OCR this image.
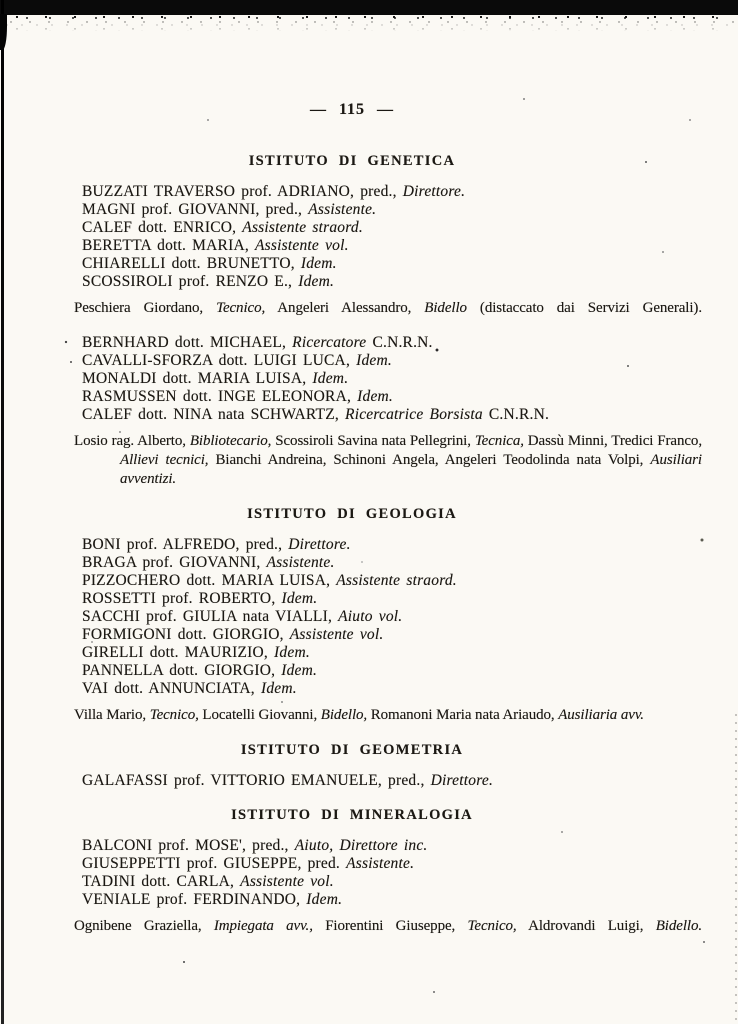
— 115 —
ISTITUTO DI GENETICA
BUZZATI TRAVERSO prof. ADRIANO, pred., Direttore.
MAGNI prof. GIOVANNI, pred., Assistente.
CALEF dott. ENRICO, Assistente straord.
BERETTA dott. MARIA, Assistente vol.
CHIARELLI dott. BRUNETTO, Idem.
SCOSSIROLI prof. RENZO E., Idem.

Peschiera Giordano, Tecnico, Angeleri Alessandro, Bidello (distaccato dai Servizi Generali).

BERNHARD dott. MICHAEL, Ricercatore C.N.R.N.
CAVALLI-SFORZA dott. LUIGI LUCA, Idem.
MONALDI dott. MARIA LUISA, Idem.
RASMUSSEN dott. INGE ELEONORA, Idem.
CALEF dott. NINA nata SCHWARTZ, Ricercatrice Borsista C.N.R.N.

Losio rag. Alberto, Bibliotecario, Scossiroli Savina nata Pellegrini, Tecnica, Dassù Minni, Tredici Franco, Allievi tecnici, Bianchi Andreina, Schinoni Angela, Angeleri Teodolinda nata Volpi, Ausiliari avventizi.

ISTITUTO DI GEOLOGIA
BONI prof. ALFREDO, pred., Direttore.
BRAGA prof. GIOVANNI, Assistente.
PIZZOCHERO dott. MARIA LUISA, Assistente straord.
ROSSETTI prof. ROBERTO, Idem.
SACCHI prof. GIULIA nata VIALLI, Aiuto vol.
FORMIGONI dott. GIORGIO, Assistente vol.
GIRELLI dott. MAURIZIO, Idem.
PANNELLA dott. GIORGIO, Idem.
VAI dott. ANNUNCIATA, Idem.

Villa Mario, Tecnico, Locatelli Giovanni, Bidello, Romanoni Maria nata Ariaudo, Ausiliaria avv.

ISTITUTO DI GEOMETRIA
GALAFASSI prof. VITTORIO EMANUELE, pred., Direttore.
ISTITUTO DI MINERALOGIA
BALCONI prof. MOSE', pred., Aiuto, Direttore inc.
GIUSEPPETTI prof. GIUSEPPE, pred. Assistente.
TADINI dott. CARLA, Assistente vol.
VENIALE prof. FERDINANDO, Idem.

Ognibene Graziella, Impiegata avv., Fiorentini Giuseppe, Tecnico, Aldrovandi Luigi, Bidello.
